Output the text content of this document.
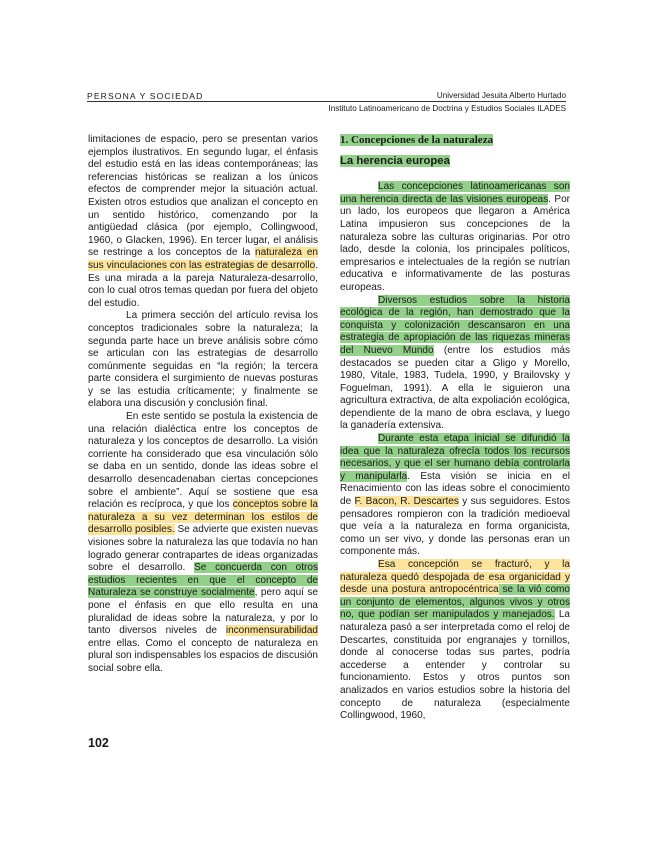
PERSONA Y SOCIEDAD	Universidad Jesuita Alberto Hurtado
Instituto Latinoamericano de Doctrina y Estudios Sociales ILADES

limitaciones de espacio, pero se presentan varios ejemplos ilustrativos. En segundo lugar, el énfasis del estudio está en las ideas contemporáneas; las referencias históricas se realizan a los únicos efectos de comprender mejor la situación actual. Existen otros estudios que analizan el concepto en un sentido histórico, comenzando por la antigüedad clásica (por ejemplo, Collingwood, 1960, o Glacken, 1996). En tercer lugar, el análisis se restringe a los conceptos de la naturaleza en sus vinculaciones con las estrategias de desarrollo. Es una mirada a la pareja Naturaleza-desarrollo, con lo cual otros temas quedan por fuera del objeto del estudio.

La primera sección del artículo revisa los conceptos tradicionales sobre la naturaleza; la segunda parte hace un breve análisis sobre cómo se articulan con las estrategias de desarrollo comúnmente seguidas en “la región; la tercera parte considera el surgimiento de nuevas posturas y se las estudia críticamente; y finalmente se elabora una discusión y conclusión final.

En este sentido se postula la existencia de una relación dialéctica entre los conceptos de naturaleza y los conceptos de desarrollo. La visión corriente ha considerado que esa vinculación sólo se daba en un sentido, donde las ideas sobre el desarrollo desencadenaban ciertas concepciones sobre el ambiente”. Aquí se sostiene que esa relación es recíproca, y que los conceptos sobre la naturaleza a su vez determinan los estilos de desarrollo posibles. Se advierte que existen nuevas visiones sobre la naturaleza las que todavía no han logrado generar contrapartes de ideas organizadas sobre el desarrollo. Se concuerda con otros estudios recientes en que el concepto de Naturaleza se construye socialmente, pero aquí se pone el énfasis en que ello resulta en una pluralidad de ideas sobre la naturaleza, y por lo tanto diversos niveles de inconmensurabilidad entre ellas. Como el concepto de naturaleza en plural son indispensables los espacios de discusión social sobre ella.

1. Concepciones de la naturaleza

La herencia europea

Las concepciones latinoamericanas son una herencia directa de las visiones europeas. Por un lado, los europeos que llegaron a América Latina impusieron sus concepciones de la naturaleza sobre las culturas originarias. Por otro lado, desde la colonia, los principales políticos, empresarios e intelectuales de la región se nutrían educativa e informativamente de las posturas europeas.

Diversos estudios sobre la historia ecológica de la región, han demostrado que la conquista y colonización descansaron en una estrategia de apropiación de las riquezas mineras del Nuevo Mundo (entre los estudios más destacados se pueden citar a Gligo y Morello, 1980, Vitale, 1983, Tudela, 1990, y Brailovsky y Foguelman, 1991). A ella le siguieron una agricultura extractiva, de alta expoliación ecológica, dependiente de la mano de obra esclava, y luego la ganadería extensiva.

Durante esta etapa inicial se difundió la idea que la naturaleza ofrecía todos los recursos necesarios, y que el ser humano debía controlarla y manipularla. Esta visión se inicia en el Renacimiento con las ideas sobre el conocimiento de F. Bacon, R. Descartes y sus seguidores. Estos pensadores rompieron con la tradición medioeval que veía a la naturaleza en forma organicista, como un ser vivo, y donde las personas eran un componente más.

Esa concepción se fracturó, y la naturaleza quedó despojada de esa organicidad y desde una postura antropocéntrica se la vió como un conjunto de elementos, algunos vivos y otros no, que podían ser manipulados y manejados. La naturaleza pasó a ser interpretada como el reloj de Descartes, constituida por engranajes y tornillos, donde al conocerse todas sus partes, podría accederse a entender y controlar su funcionamiento. Estos y otros puntos son analizados en varios estudios sobre la historia del concepto de naturaleza (especialmente Collingwood, 1960,

102
